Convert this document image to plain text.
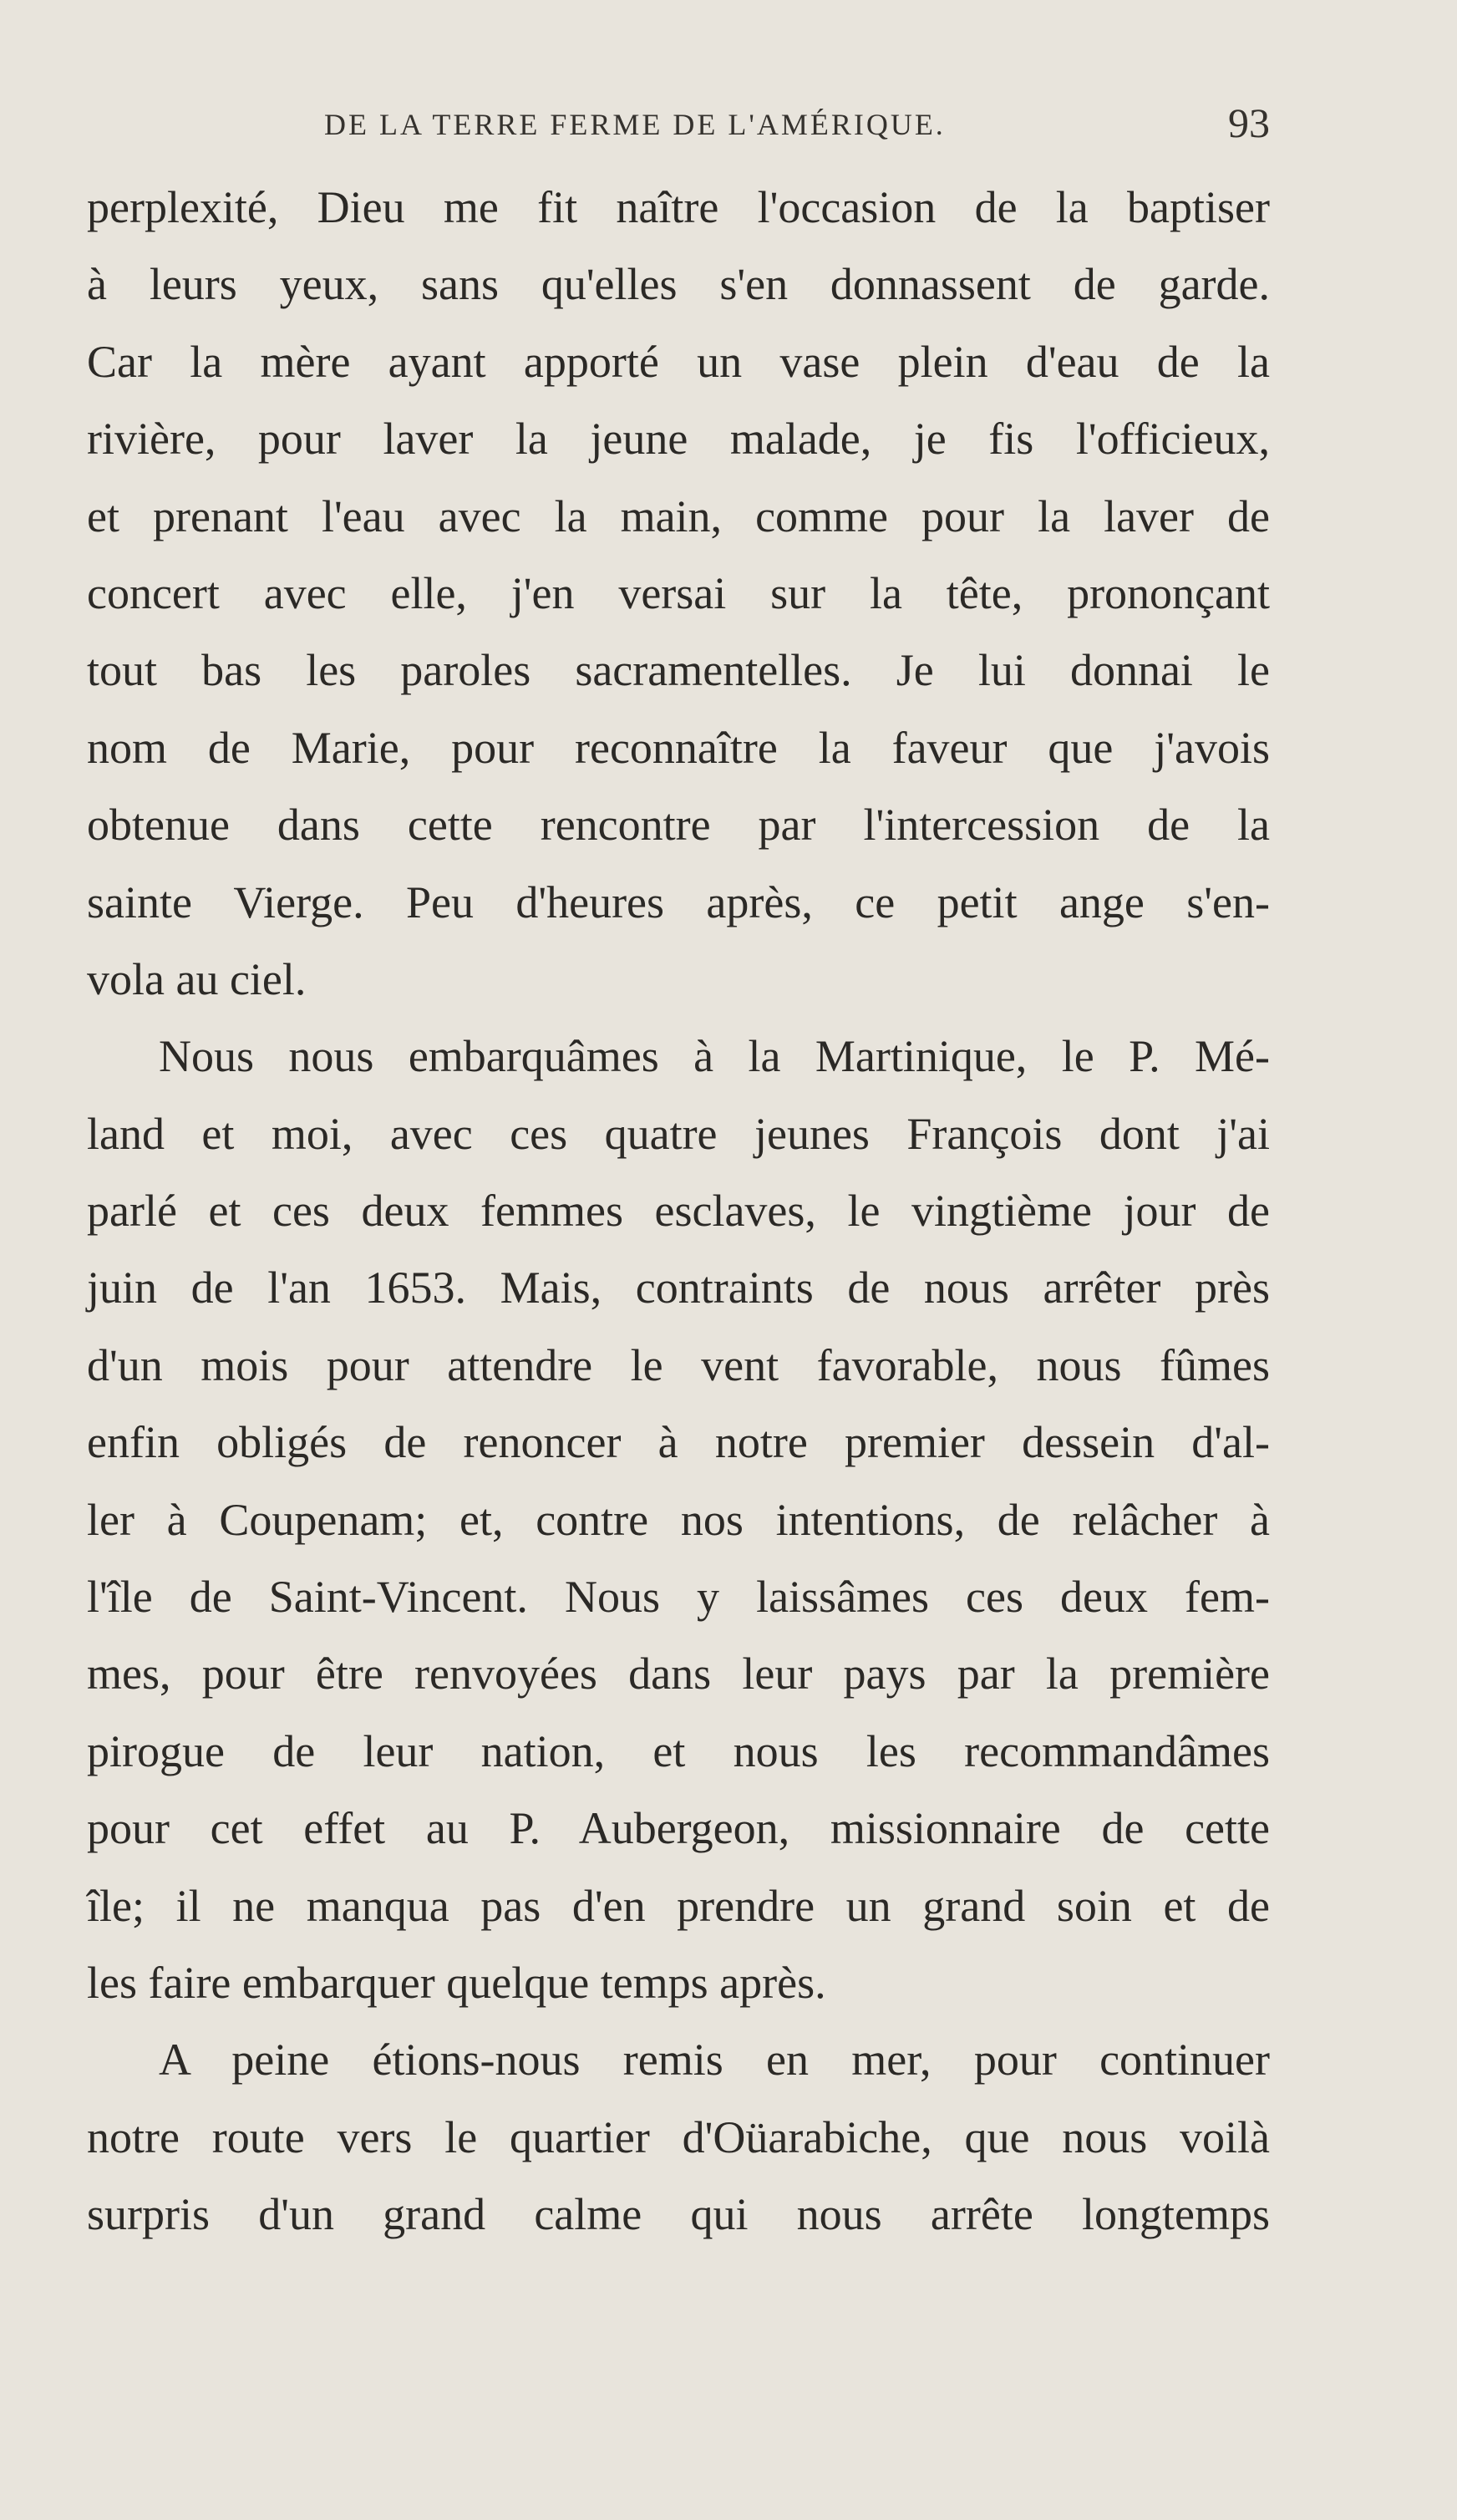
DE LA TERRE FERME DE L'AMÉRIQUE.	93
perplexité, Dieu me fit naître l'occasion de la baptiser
à leurs yeux, sans qu'elles s'en donnassent de garde.
Car la mère ayant apporté un vase plein d'eau de la
rivière, pour laver la jeune malade, je fis l'officieux,
et prenant l'eau avec la main, comme pour la laver de
concert avec elle, j'en versai sur la tête, prononçant
tout bas les paroles sacramentelles. Je lui donnai le
nom de Marie, pour reconnaître la faveur que j'avois
obtenue dans cette rencontre par l'intercession de la
sainte Vierge. Peu d'heures après, ce petit ange s'en-
vola au ciel.
Nous nous embarquâmes à la Martinique, le P. Mé-
land et moi, avec ces quatre jeunes François dont j'ai
parlé et ces deux femmes esclaves, le vingtième jour de
juin de l'an 1653. Mais, contraints de nous arrêter près
d'un mois pour attendre le vent favorable, nous fûmes
enfin obligés de renoncer à notre premier dessein d'al-
ler à Coupenam; et, contre nos intentions, de relâcher à
l'île de Saint-Vincent. Nous y laissâmes ces deux fem-
mes, pour être renvoyées dans leur pays par la première
pirogue de leur nation, et nous les recommandâmes
pour cet effet au P. Aubergeon, missionnaire de cette
île; il ne manqua pas d'en prendre un grand soin et de
les faire embarquer quelque temps après.
A peine étions-nous remis en mer, pour continuer
notre route vers le quartier d'Oüarabiche, que nous voilà
surpris d'un grand calme qui nous arrête longtemps
